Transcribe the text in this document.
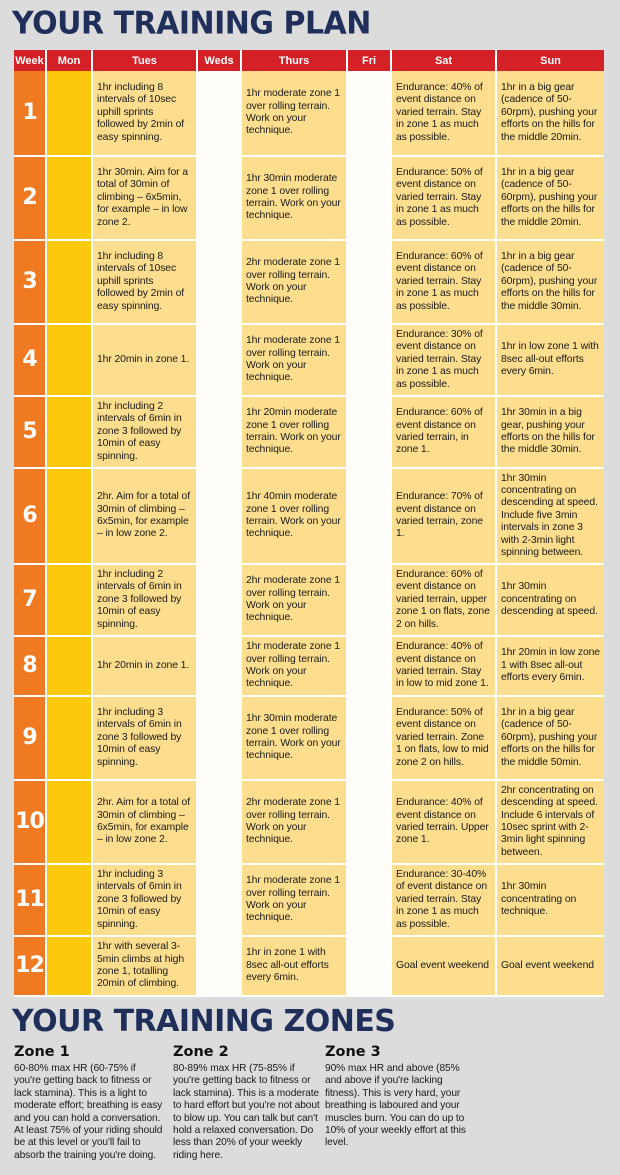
YOUR TRAINING PLAN
Week	Mon	Tues	Weds	Thurs	Fri	Sat	Sun
1		1hr including 8 intervals of 10sec uphill sprints followed by 2min of easy spinning.		1hr moderate zone 1 over rolling terrain. Work on your technique.		Endurance: 40% of event distance on varied terrain. Stay in zone 1 as much as possible.	1hr in a big gear (cadence of 50-60rpm), pushing your efforts on the hills for the middle 20min.
2		1hr 30min. Aim for a total of 30min of climbing – 6x5min, for example – in low zone 2.		1hr 30min moderate zone 1 over rolling terrain. Work on your technique.		Endurance: 50% of event distance on varied terrain. Stay in zone 1 as much as possible.	1hr in a big gear (cadence of 50-60rpm), pushing your efforts on the hills for the middle 20min.
3		1hr including 8 intervals of 10sec uphill sprints followed by 2min of easy spinning.		2hr moderate zone 1 over rolling terrain. Work on your technique.		Endurance: 60% of event distance on varied terrain. Stay in zone 1 as much as possible.	1hr in a big gear (cadence of 50-60rpm), pushing your efforts on the hills for the middle 30min.
4		1hr 20min in zone 1.		1hr moderate zone 1 over rolling terrain. Work on your technique.		Endurance: 30% of event distance on varied terrain. Stay in zone 1 as much as possible.	1hr in low zone 1 with 8sec all-out efforts every 6min.
5		1hr including 2 intervals of 6min in zone 3 followed by 10min of easy spinning.		1hr 20min moderate zone 1 over rolling terrain. Work on your technique.		Endurance: 60% of event distance on varied terrain, in zone 1.	1hr 30min in a big gear, pushing your efforts on the hills for the middle 30min.
6		2hr. Aim for a total of 30min of climbing – 6x5min, for example – in low zone 2.		1hr 40min moderate zone 1 over rolling terrain. Work on your technique.		Endurance: 70% of event distance on varied terrain, zone 1.	1hr 30min concentrating on descending at speed. Include five 3min intervals in zone 3 with 2-3min light spinning between.
7		1hr including 2 intervals of 6min in zone 3 followed by 10min of easy spinning.		2hr moderate zone 1 over rolling terrain. Work on your technique.		Endurance: 60% of event distance on varied terrain, upper zone 1 on flats, zone 2 on hills.	1hr 30min concentrating on descending at speed.
8		1hr 20min in zone 1.		1hr moderate zone 1 over rolling terrain. Work on your technique.		Endurance: 40% of event distance on varied terrain. Stay in low to mid zone 1.	1hr 20min in low zone 1 with 8sec all-out efforts every 6min.
9		1hr including 3 intervals of 6min in zone 3 followed by 10min of easy spinning.		1hr 30min moderate zone 1 over rolling terrain. Work on your technique.		Endurance: 50% of event distance on varied terrain. Zone 1 on flats, low to mid zone 2 on hills.	1hr in a big gear (cadence of 50-60rpm), pushing your efforts on the hills for the middle 50min.
10		2hr. Aim for a total of 30min of climbing – 6x5min, for example – in low zone 2.		2hr moderate zone 1 over rolling terrain. Work on your technique.		Endurance: 40% of event distance on varied terrain. Upper zone 1.	2hr concentrating on descending at speed. Include 6 intervals of 10sec sprint with 2-3min light spinning between.
11		1hr including 3 intervals of 6min in zone 3 followed by 10min of easy spinning.		1hr moderate zone 1 over rolling terrain. Work on your technique.		Endurance: 30-40% of event distance on varied terrain. Stay in zone 1 as much as possible.	1hr 30min concentrating on technique.
12		1hr with several 3-5min climbs at high zone 1, totalling 20min of climbing.		1hr in zone 1 with 8sec all-out efforts every 6min.		Goal event weekend	Goal event weekend
YOUR TRAINING ZONES
Zone 1

60-80% max HR (60-75% if you're getting back to fitness or lack stamina). This is a light to moderate effort; breathing is easy and you can hold a conversation. At least 75% of your riding should be at this level or you'll fail to absorb the training you're doing.

Zone 2

80-89% max HR (75-85% if you're getting back to fitness or lack stamina). This is a moderate to hard effort but you're not about to blow up. You can talk but can't hold a relaxed conversation. Do less than 20% of your weekly riding here.

Zone 3

90% max HR and above (85% and above if you're lacking fitness). This is very hard, your breathing is laboured and your muscles burn. You can do up to 10% of your weekly effort at this level.
